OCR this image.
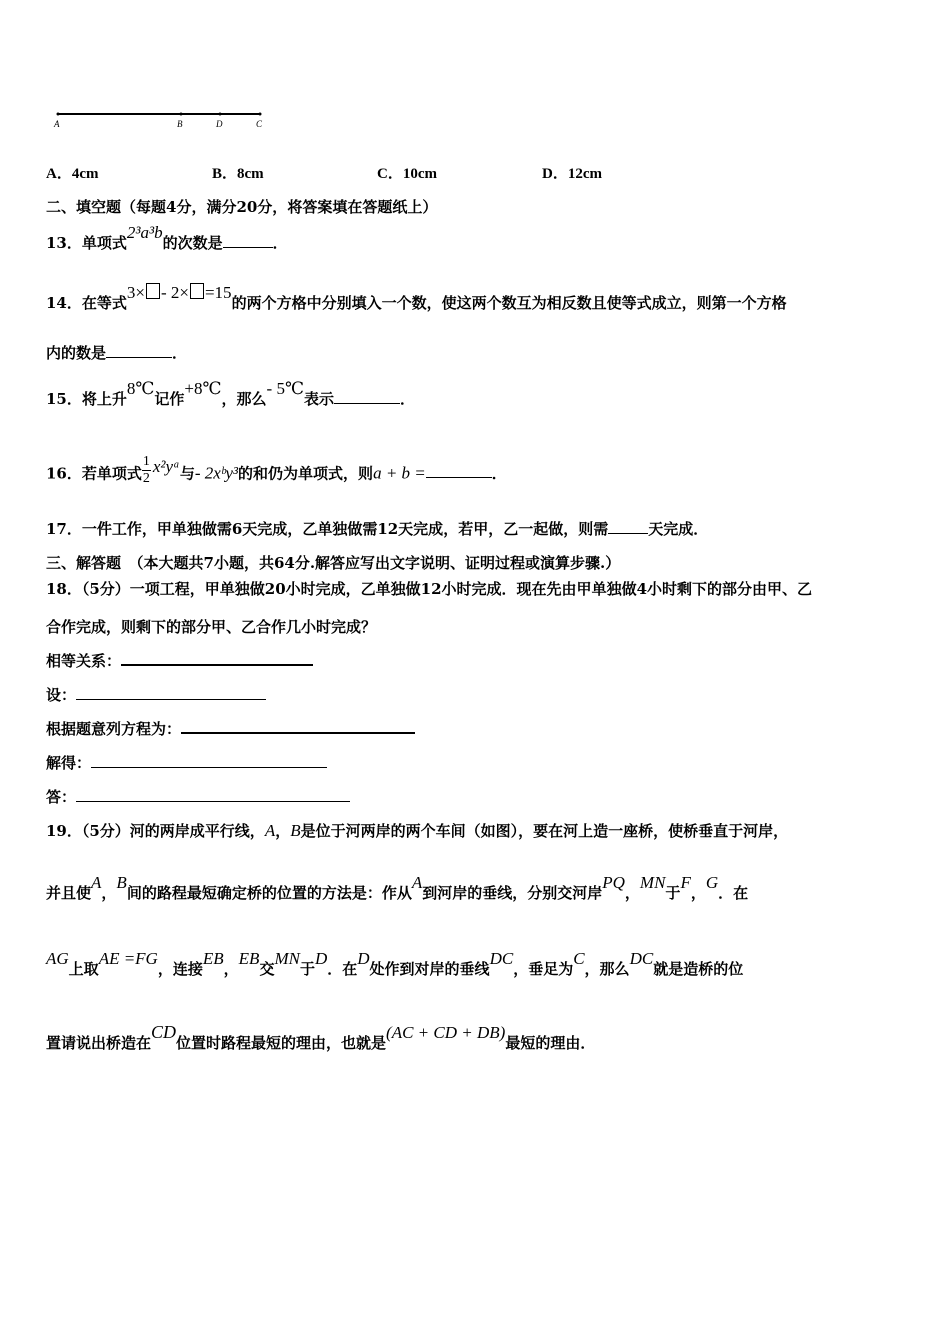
A	B	D	C
A．4cm	B．8cm	C．10cm	D．12cm
二、填空题（每题4分，满分20分，将答案填在答题纸上）
13．单项式2³a³b的次数是	．
14．在等式3× - 2× =15的两个方格中分别填入一个数，使这两个数互为相反数且使等式成立，则第一个方格
内的数是	．
15．将上升8℃记作+8℃，那么- 5℃表示	．
16．若单项式 $\frac{1}{2}$ x²yᵃ与- 2xᵇy³的和仍为单项式，则a + b =	．
17．一件工作，甲单独做需6天完成，乙单独做需12天完成，若甲，乙一起做，则需	天完成．
三、解答题　（本大题共7小题，共64分.解答应写出文字说明、证明过程或演算步骤.）
18．（5分）一项工程，甲单独做20小时完成，乙单独做12小时完成．现在先由甲单独做4小时剩下的部分由甲、乙
合作完成，则剩下的部分甲、乙合作几小时完成？
相等关系：
设：
根据题意列方程为：
解得：
答：
19．（5分）河的两岸成平行线，A，B是位于河两岸的两个车间（如图），要在河上造一座桥，使桥垂直于河岸，
并且使A，B间的路程最短确定桥的位置的方法是：作从A到河岸的垂线，分别交河岸PQ，MN于F，G．在
AG上取AE =FG，连接EB，EB交MN于D．在D处作到对岸的垂线DC，垂足为C，那么DC就是造桥的位
置请说出桥造在CD位置时路程最短的理由，也就是(AC + CD + DB)最短的理由．
